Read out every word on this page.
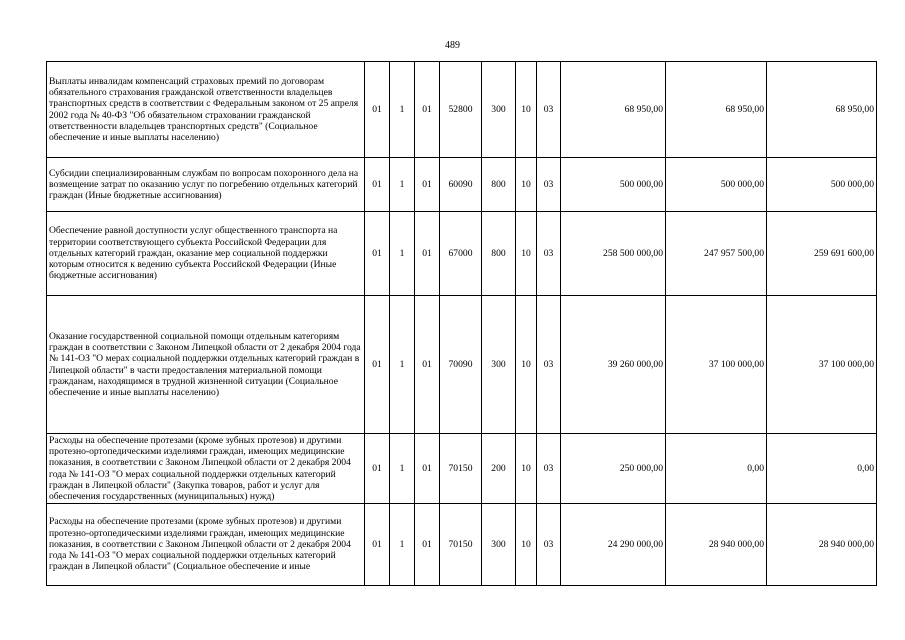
489
Выплаты инвалидам компенсаций страховых премий по договорам обязательного страхования гражданской ответственности владельцев транспортных средств в соответствии с Федеральным законом от 25 апреля 2002 года № 40-ФЗ "Об обязательном страховании гражданской ответственности владельцев транспортных средств" (Социальное обеспечение и иные выплаты населению)	01	1	01	52800	300	10	03	68 950,00	68 950,00	68 950,00
Субсидии специализированным службам по вопросам похоронного дела на возмещение затрат по оказанию услуг по погребению отдельных категорий граждан (Иные бюджетные ассигнования)	01	1	01	60090	800	10	03	500 000,00	500 000,00	500 000,00
Обеспечение равной доступности услуг общественного транспорта на территории соответствующего субъекта Российской Федерации для отдельных категорий граждан, оказание мер социальной поддержки которым относится к ведению субъекта Российской Федерации (Иные бюджетные ассигнования)	01	1	01	67000	800	10	03	258 500 000,00	247 957 500,00	259 691 600,00
Оказание государственной социальной помощи отдельным категориям граждан в соответствии с Законом Липецкой области от 2 декабря 2004 года № 141-ОЗ "О мерах социальной поддержки отдельных категорий граждан в Липецкой области" в части предоставления материальной помощи гражданам, находящимся в трудной жизненной ситуации (Социальное обеспечение и иные выплаты населению)	01	1	01	70090	300	10	03	39 260 000,00	37 100 000,00	37 100 000,00
Расходы на обеспечение протезами (кроме зубных протезов) и другими протезно-ортопедическими изделиями граждан, имеющих медицинские показания, в соответствии с Законом Липецкой области от 2 декабря 2004 года № 141-ОЗ "О мерах социальной поддержки отдельных категорий граждан в Липецкой области" (Закупка товаров, работ и услуг для обеспечения государственных (муниципальных) нужд)	01	1	01	70150	200	10	03	250 000,00	0,00	0,00
Расходы на обеспечение протезами (кроме зубных протезов) и другими протезно-ортопедическими изделиями граждан, имеющих медицинские показания, в соответствии с Законом Липецкой области от 2 декабря 2004 года № 141-ОЗ "О мерах социальной поддержки отдельных категорий граждан в Липецкой области" (Социальное обеспечение и иные	01	1	01	70150	300	10	03	24 290 000,00	28 940 000,00	28 940 000,00
